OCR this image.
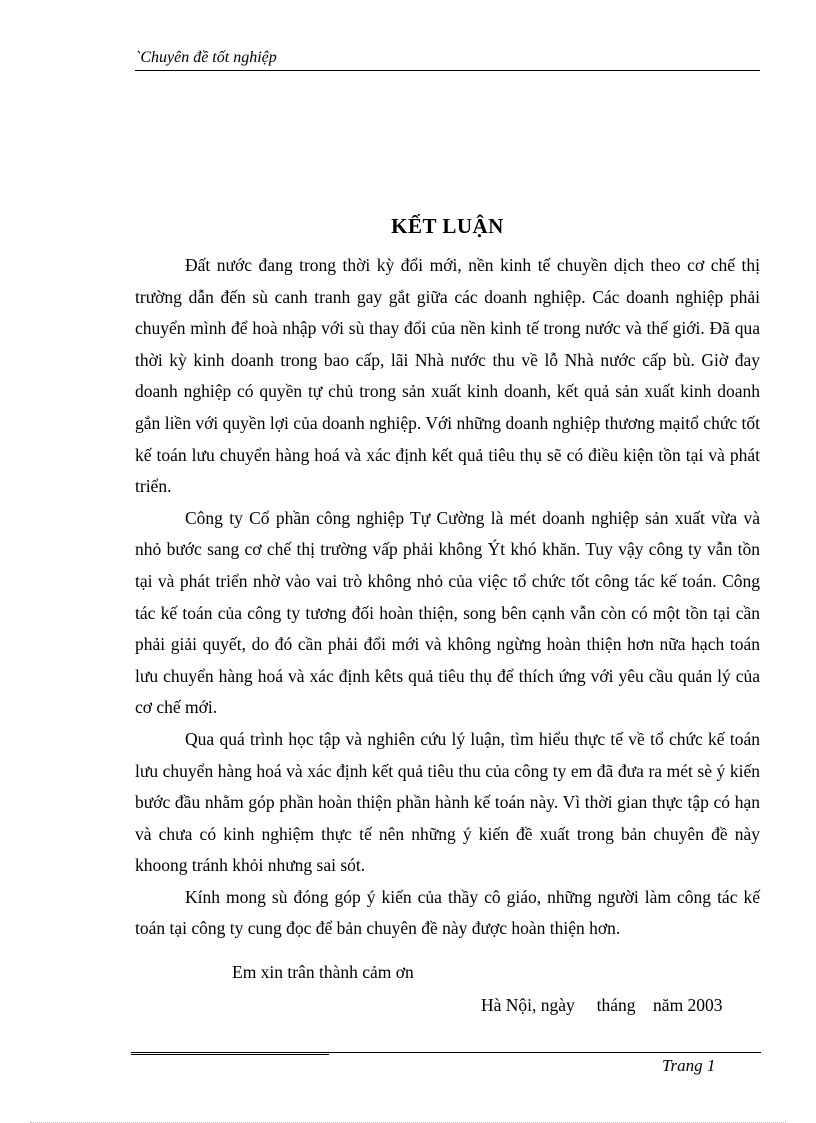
`Chuyên đề tốt nghiệp
KẾT LUẬN

Đất nước đang trong thời kỳ đổi mới, nền kinh tế chuyền dịch theo cơ chế thị trường dẫn đến sù canh tranh gay gắt giữa các doanh nghiệp. Các doanh nghiệp phải chuyển mình để hoà nhập với sù thay đổi của nền kinh tế trong nước và thế giới. Đã qua thời kỳ kinh doanh trong bao cấp, lãi Nhà nước thu về lỗ Nhà nước cấp bù. Giờ đay doanh nghiệp có quyền tự chủ trong sản xuất kinh doanh, kết quả sản xuất kinh doanh gắn liền với quyền lợi của doanh nghiệp. Với những doanh nghiệp thương mạitổ chức tốt kế toán lưu chuyển hàng hoá và xác định kết quả tiêu thụ sẽ có điều kiện tồn tại và phát triển.

Công ty Cổ phần công nghiệp Tự Cường là mét doanh nghiệp sản xuất vừa và nhỏ bước sang cơ chế thị trường vấp phải không Ýt khó khăn. Tuy vậy công ty vẫn tồn tại và phát triển nhờ vào vai trò không nhỏ của việc tổ chức tốt công tác kế toán. Công tác kế toán của công ty tương đối hoàn thiện, song bên cạnh vẫn còn có một tồn tại cần phải giải quyết, do đó cần phải đổi mới và không ngừng hoàn thiện hơn nữa hạch toán lưu chuyển hàng hoá và xác định kêts quả tiêu thụ để thích ứng với yêu cầu quản lý của cơ chế mới.

Qua quá trình học tập và nghiên cứu lý luận, tìm hiểu thực tế về tổ chức kế toán lưu chuyển hàng hoá và xác định kết quả tiêu thu của công ty em đã đưa ra mét sè ý kiến bước đầu nhằm góp phần hoàn thiện phần hành kế toán này. Vì thời gian thực tập có hạn và chưa có kinh nghiệm thực tế nên những ý kiến đề xuất trong bản chuyên đề này khoong tránh khỏi nhưng sai sót.

Kính mong sù đóng góp ý kiến của thầy cô giáo, những người làm công tác kế toán tại công ty cung đọc để bản chuyên đề này được hoàn thiện hơn.

Em xin trân thành cảm ơn
Hà Nội, ngày     tháng    năm 2003
Trang 1
